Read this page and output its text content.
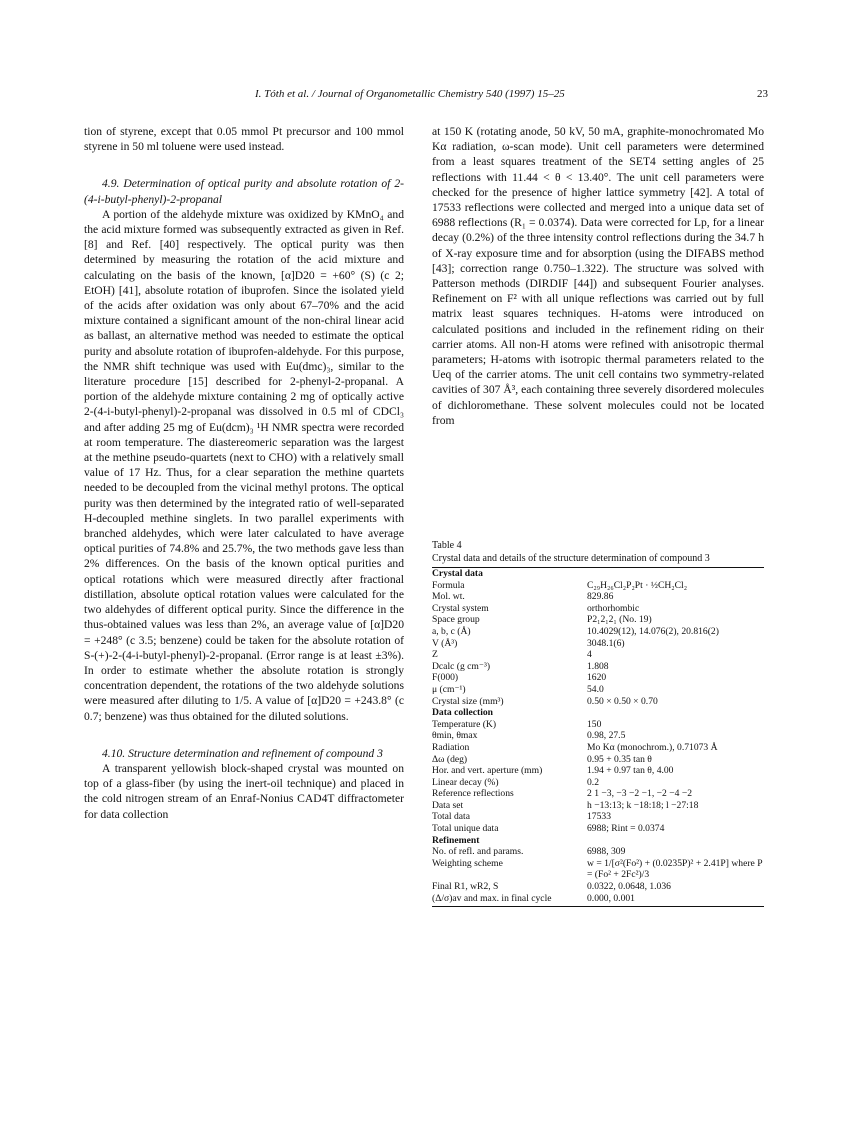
I. Tóth et al. / Journal of Organometallic Chemistry 540 (1997) 15–25	23

tion of styrene, except that 0.05 mmol Pt precursor and 100 mmol styrene in 50 ml toluene were used instead.

4.9. Determination of optical purity and absolute rotation of 2-(4-i-butyl-phenyl)-2-propanal

A portion of the aldehyde mixture was oxidized by KMnO₄ and the acid mixture formed was subsequently extracted as given in Ref. [8] and Ref. [40] respectively. The optical purity was then determined by measuring the rotation of the acid mixture and calculating on the basis of the known, [α]D20 = +60° (S) (c 2; EtOH) [41], absolute rotation of ibuprofen. Since the isolated yield of the acids after oxidation was only about 67–70% and the acid mixture contained a significant amount of the non-chiral linear acid as ballast, an alternative method was needed to estimate the optical purity and absolute rotation of ibuprofen-aldehyde. For this purpose, the NMR shift technique was used with Eu(dmc)₃, similar to the literature procedure [15] described for 2-phenyl-2-propanal. A portion of the aldehyde mixture containing 2 mg of optically active 2-(4-i-butyl-phenyl)-2-propanal was dissolved in 0.5 ml of CDCl₃ and after adding 25 mg of Eu(dcm)₃ ¹H NMR spectra were recorded at room temperature. The diastereomeric separation was the largest at the methine pseudo-quartets (next to CHO) with a relatively small value of 17 Hz. Thus, for a clear separation the methine quartets needed to be decoupled from the vicinal methyl protons. The optical purity was then determined by the integrated ratio of well-separated H-decoupled methine singlets. In two parallel experiments with branched aldehydes, which were later calculated to have average optical purities of 74.8% and 25.7%, the two methods gave less than 2% differences. On the basis of the known optical purities and optical rotations which were measured directly after fractional distillation, absolute optical rotation values were calculated for the two aldehydes of different optical purity. Since the difference in the thus-obtained values was less than 2%, an average value of [α]D20 = +248° (c 3.5; benzene) could be taken for the absolute rotation of S-(+)-2-(4-i-butyl-phenyl)-2-propanal. (Error range is at least ±3%). In order to estimate whether the absolute rotation is strongly concentration dependent, the rotations of the two aldehyde solutions were measured after diluting to 1/5. A value of [α]D20 = +243.8° (c 0.7; benzene) was thus obtained for the diluted solutions.

4.10. Structure determination and refinement of compound 3

A transparent yellowish block-shaped crystal was mounted on top of a glass-fiber (by using the inert-oil technique) and placed in the cold nitrogen stream of an Enraf-Nonius CAD4T diffractometer for data collection

at 150 K (rotating anode, 50 kV, 50 mA, graphite-monochromated Mo Kα radiation, ω-scan mode). Unit cell parameters were determined from a least squares treatment of the SET4 setting angles of 25 reflections with 11.44 < θ < 13.40°. The unit cell parameters were checked for the presence of higher lattice symmetry [42]. A total of 17533 reflections were collected and merged into a unique data set of 6988 reflections (R₁ = 0.0374). Data were corrected for Lp, for a linear decay (0.2%) of the three intensity control reflections during the 34.7 h of X-ray exposure time and for absorption (using the DIFABS method [43]; correction range 0.750–1.322). The structure was solved with Patterson methods (DIRDIF [44]) and subsequent Fourier analyses. Refinement on F² with all unique reflections was carried out by full matrix least squares techniques. H-atoms were introduced on calculated positions and included in the refinement riding on their carrier atoms. All non-H atoms were refined with anisotropic thermal parameters; H-atoms with isotropic thermal parameters related to the Ueq of the carrier atoms. The unit cell contains two symmetry-related cavities of 307 Å³, each containing three severely disordered molecules of dichloromethane. These solvent molecules could not be located from

Table 4
Crystal data and details of the structure determination of compound 3
Crystal data	
Formula	C₂₉H₂₆Cl₂P₂Pt · ½CH₂Cl₂
Mol. wt.	829.86
Crystal system	orthorhombic
Space group	P2₁2₁2₁ (No. 19)
a, b, c (Å)	10.4029(12), 14.076(2), 20.816(2)
V (Å³)	3048.1(6)
Z	4
Dcalc (g cm⁻³)	1.808
F(000)	1620
μ (cm⁻¹)	54.0
Crystal size (mm³)	0.50 × 0.50 × 0.70
Data collection	
Temperature (K)	150
θmin, θmax	0.98, 27.5
Radiation	Mo Kα (monochrom.), 0.71073 Å
Δω (deg)	0.95 + 0.35 tan θ
Hor. and vert. aperture (mm)	1.94 + 0.97 tan θ, 4.00
Linear decay (%)	0.2
Reference reflections	2 1 −3, −3 −2 −1, −2 −4 −2
Data set	h −13:13; k −18:18; l −27:18
Total data	17533
Total unique data	6988; Rint = 0.0374
Refinement	
No. of refl. and params.	6988, 309
Weighting scheme	w = 1/[σ²(Fo²) + (0.0235P)² + 2.41P] where P = (Fo² + 2Fc²)/3
Final R1, wR2, S	0.0322, 0.0648, 1.036
(Δ/σ)av and max. in final cycle	0.000, 0.001
